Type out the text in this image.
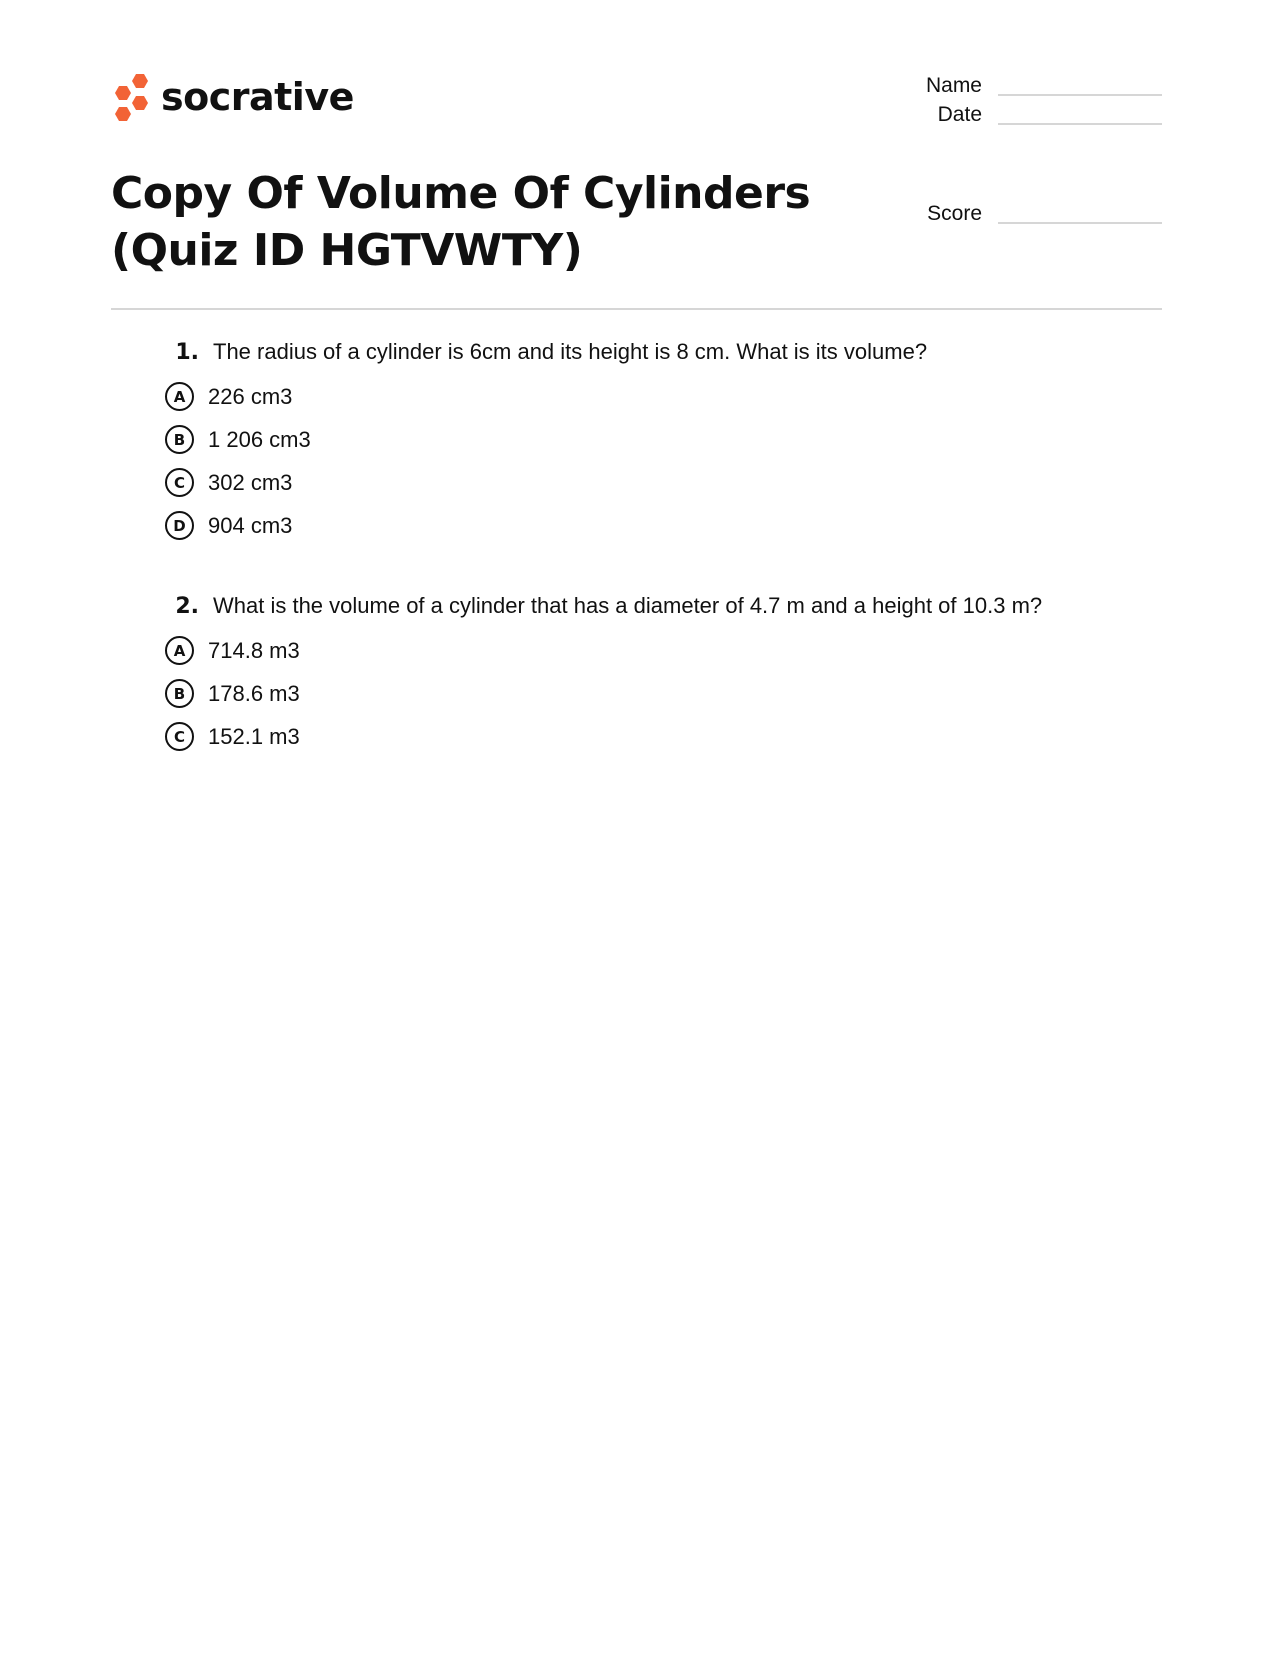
socrative	Name
Date
Score
Copy Of Volume Of Cylinders
(Quiz ID HGTVWTY)
1. The radius of a cylinder is 6cm and its height is 8 cm. What is its volume?
A	226 cm3
B	1 206 cm3
C	302 cm3
D	904 cm3
2. What is the volume of a cylinder that has a diameter of 4.7 m and a height of 10.3 m?
A	714.8 m3
B	178.6 m3
C	152.1 m3
